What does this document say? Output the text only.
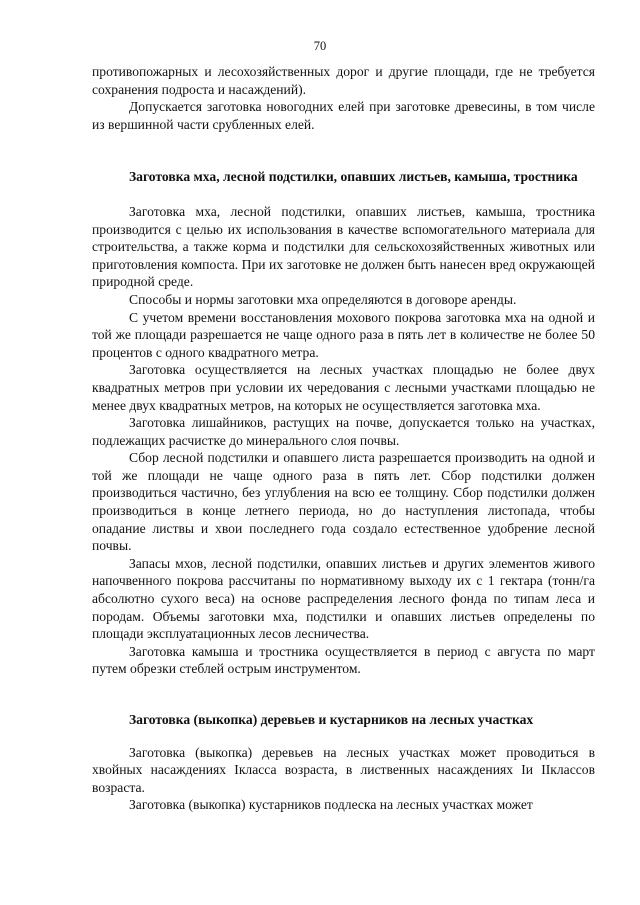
70

противопожарных и лесохозяйственных дорог и другие площади, где не требуется сохранения подроста и насаждений).

Допускается заготовка новогодних елей при заготовке древесины, в том числе из вершинной части срубленных елей.

Заготовка мха, лесной подстилки, опавших листьев, камыша, тростника

Заготовка мха, лесной подстилки, опавших листьев, камыша, тростника производится с целью их использования в качестве вспомогательного материала для строительства, а также корма и подстилки для сельскохозяйственных животных или приготовления компоста. При их заготовке не должен быть нанесен вред окружающей природной среде.

Способы и нормы заготовки мха определяются в договоре аренды.

С учетом времени восстановления мохового покрова заготовка мха на одной и той же площади разрешается не чаще одного раза в пять лет в количестве не более 50 процентов с одного квадратного метра.

Заготовка осуществляется на лесных участках площадью не более двух квадратных метров при условии их чередования с лесными участками площадью не менее двух квадратных метров, на которых не осуществляется заготовка мха.

Заготовка лишайников, растущих на почве, допускается только на участках, подлежащих расчистке до минерального слоя почвы.

Сбор лесной подстилки и опавшего листа разрешается производить на одной и той же площади не чаще одного раза в пять лет. Сбор подстилки должен производиться частично, без углубления на всю ее толщину. Сбор подстилки должен производиться в конце летнего периода, но до наступления листопада, чтобы опадание листвы и хвои последнего года создало естественное удобрение лесной почвы.

Запасы мхов, лесной подстилки, опавших листьев и других элементов живого напочвенного покрова рассчитаны по нормативному выходу их с 1 гектара (тонн/га абсолютно сухого веса) на основе распределения лесного фонда по типам леса и породам. Объемы заготовки мха, подстилки и опавших листьев определены по площади эксплуатационных лесов лесничества.

Заготовка камыша и тростника осуществляется в период с августа по март путем обрезки стеблей острым инструментом.

Заготовка (выкопка) деревьев и кустарников на лесных участках

Заготовка (выкопка) деревьев на лесных участках может проводиться в хвойных насаждениях Iкласса возраста, в лиственных насаждениях Iи IIклассов возраста.

Заготовка (выкопка) кустарников подлеска на лесных участках может
